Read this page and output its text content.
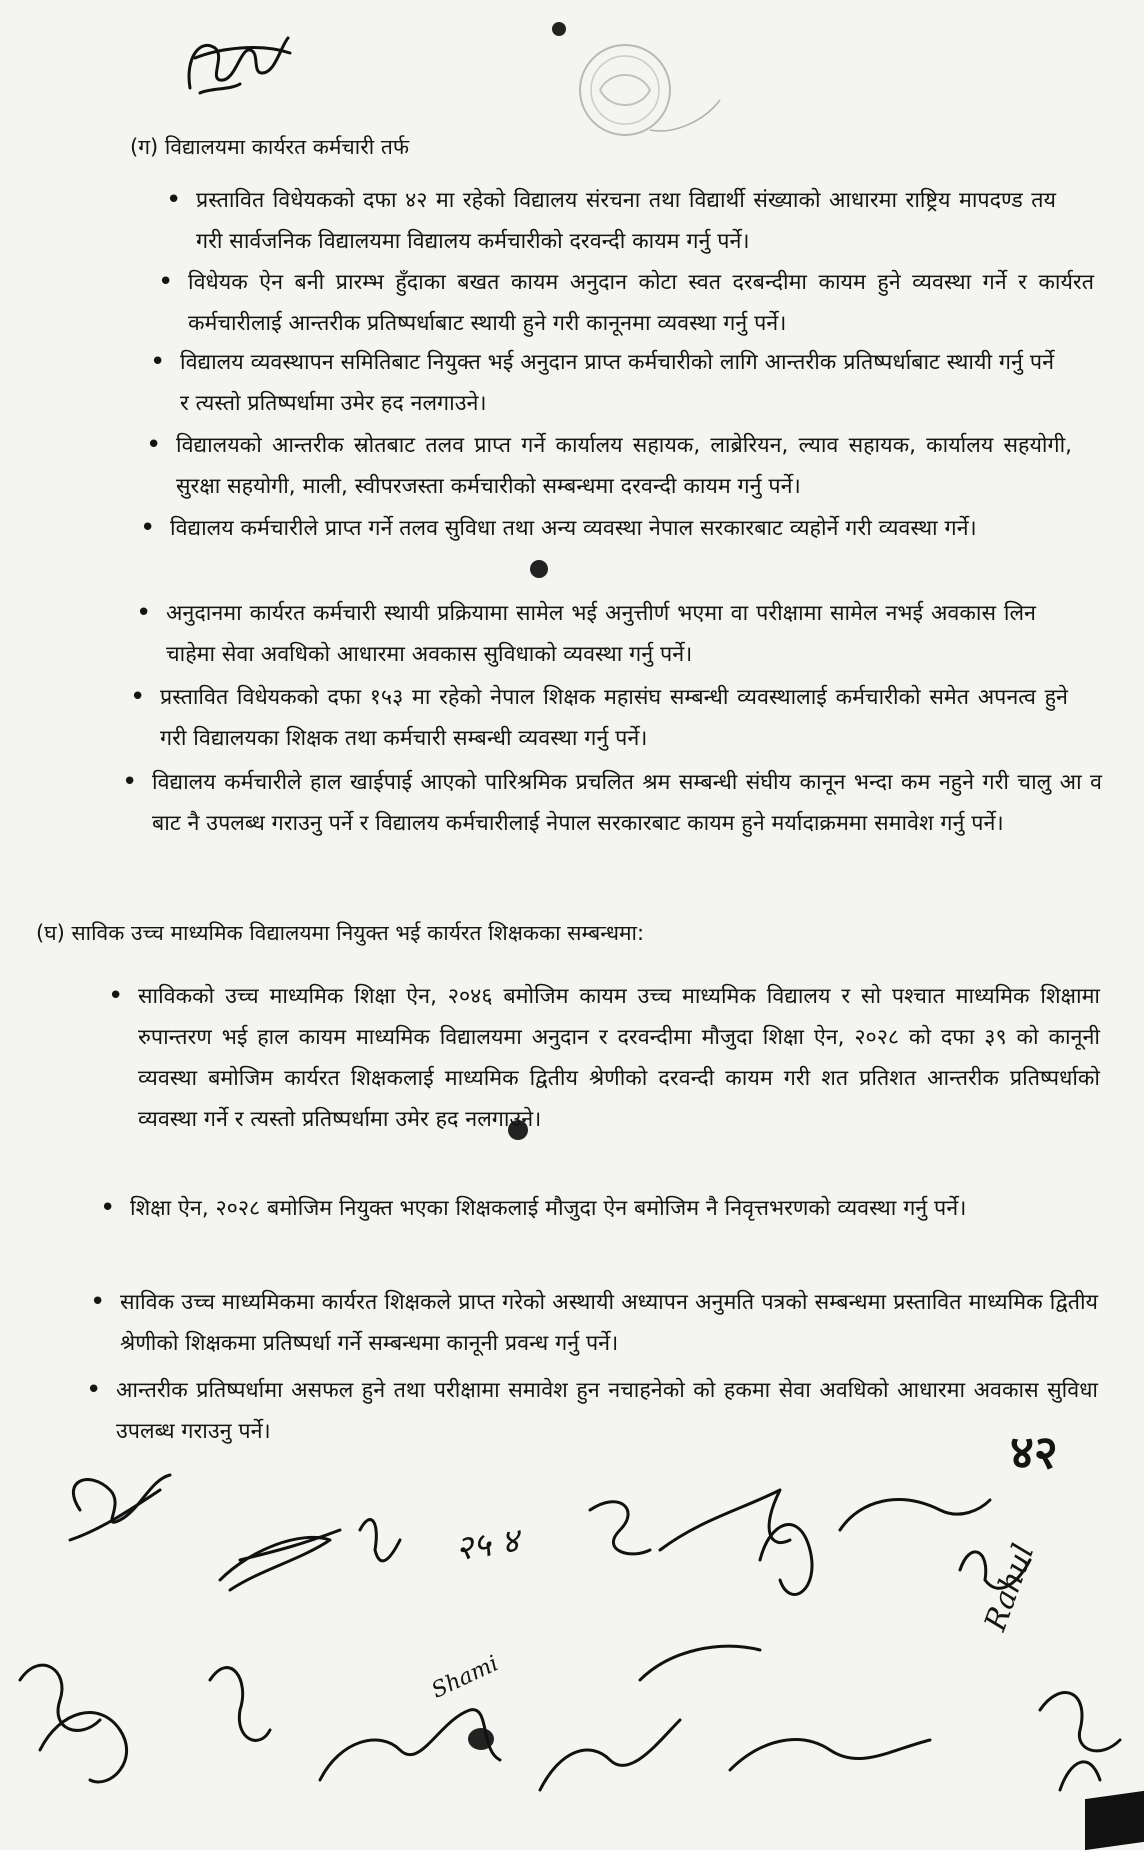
(ग) विद्यालयमा कार्यरत कर्मचारी तर्फ
• प्रस्तावित विधेयकको दफा ४२ मा रहेको विद्यालय संरचना तथा विद्यार्थी संख्याको आधारमा राष्ट्रिय मापदण्ड तय गरी सार्वजनिक विद्यालयमा विद्यालय कर्मचारीको दरवन्दी कायम गर्नु पर्ने।
• विधेयक ऐन बनी प्रारम्भ हुँदाका बखत कायम अनुदान कोटा स्वत दरबन्दीमा कायम हुने व्यवस्था गर्ने र कार्यरत कर्मचारीलाई आन्तरीक प्रतिष्पर्धाबाट स्थायी हुने गरी कानूनमा व्यवस्था गर्नु पर्ने।
• विद्यालय व्यवस्थापन समितिबाट नियुक्त भई अनुदान प्राप्त कर्मचारीको लागि आन्तरीक प्रतिष्पर्धाबाट स्थायी गर्नु पर्ने र त्यस्तो प्रतिष्पर्धामा उमेर हद नलगाउने।
• विद्यालयको आन्तरीक स्रोतबाट तलव प्राप्त गर्ने कार्यालय सहायक, लाब्रेरियन, ल्याव सहायक, कार्यालय सहयोगी, सुरक्षा सहयोगी, माली, स्वीपरजस्ता कर्मचारीको सम्बन्धमा दरवन्दी कायम गर्नु पर्ने।
• विद्यालय कर्मचारीले प्राप्त गर्ने तलव सुविधा तथा अन्य व्यवस्था नेपाल सरकारबाट व्यहोर्ने गरी व्यवस्था गर्ने।
• अनुदानमा कार्यरत कर्मचारी स्थायी प्रक्रियामा सामेल भई अनुत्तीर्ण भएमा वा परीक्षामा सामेल नभई अवकास लिन चाहेमा सेवा अवधिको आधारमा अवकास सुविधाको व्यवस्था गर्नु पर्ने।
• प्रस्तावित विधेयकको दफा १५३ मा रहेको नेपाल शिक्षक महासंघ सम्बन्धी व्यवस्थालाई कर्मचारीको समेत अपनत्व हुने गरी विद्यालयका शिक्षक तथा कर्मचारी सम्बन्धी व्यवस्था गर्नु पर्ने।
• विद्यालय कर्मचारीले हाल खाईपाई आएको पारिश्रमिक प्रचलित श्रम सम्बन्धी संघीय कानून भन्दा कम नहुने गरी चालु आ व बाट नै उपलब्ध गराउनु पर्ने र विद्यालय कर्मचारीलाई नेपाल सरकारबाट कायम हुने मर्यादाक्रममा समावेश गर्नु पर्ने।
(घ) साविक उच्च माध्यमिक विद्यालयमा नियुक्त भई कार्यरत शिक्षकका सम्बन्धमा:
• साविकको उच्च माध्यमिक शिक्षा ऐन, २०४६ बमोजिम कायम उच्च माध्यमिक विद्यालय र सो पश्चात माध्यमिक शिक्षामा रुपान्तरण भई हाल कायम माध्यमिक विद्यालयमा अनुदान र दरवन्दीमा मौजुदा शिक्षा ऐन, २०२८ को दफा ३९ को कानूनी व्यवस्था बमोजिम कार्यरत शिक्षकलाई माध्यमिक द्वितीय श्रेणीको दरवन्दी कायम गरी शत प्रतिशत आन्तरीक प्रतिष्पर्धाको व्यवस्था गर्ने र त्यस्तो प्रतिष्पर्धामा उमेर हद नलगाउने।
• शिक्षा ऐन, २०२८ बमोजिम नियुक्त भएका शिक्षकलाई मौजुदा ऐन बमोजिम नै निवृत्तभरणको व्यवस्था गर्नु पर्ने।
• साविक उच्च माध्यमिकमा कार्यरत शिक्षकले प्राप्त गरेको अस्थायी अध्यापन अनुमति पत्रको सम्बन्धमा प्रस्तावित माध्यमिक द्वितीय श्रेणीको शिक्षकमा प्रतिष्पर्धा गर्ने सम्बन्धमा कानूनी प्रवन्ध गर्नु पर्ने।
• आन्तरीक प्रतिष्पर्धामा असफल हुने तथा परीक्षामा समावेश हुन नचाहनेको को हकमा सेवा अवधिको आधारमा अवकास सुविधा उपलब्ध गराउनु पर्ने।	४२
२५ ४	Rahul
Shami
